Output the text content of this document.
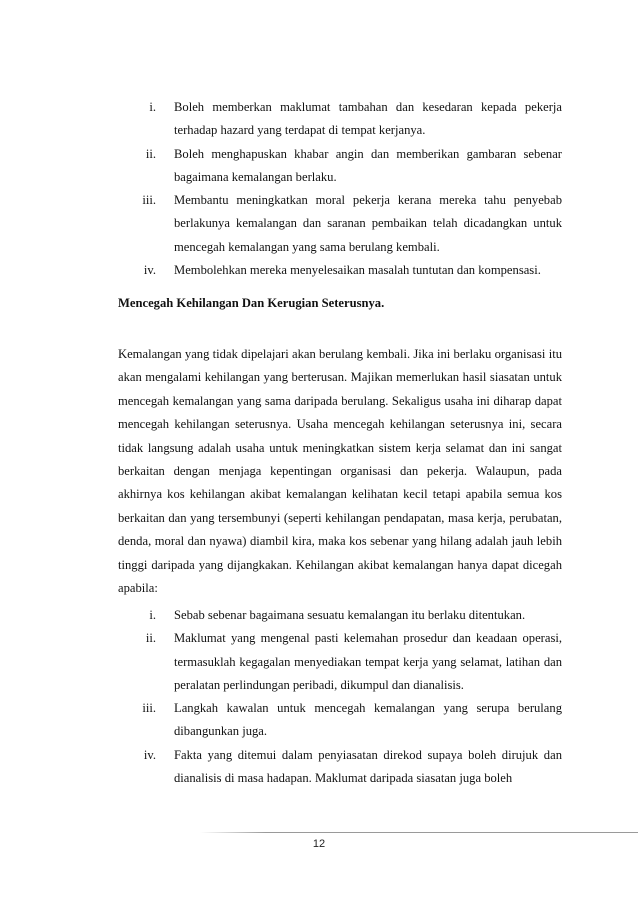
i. Boleh memberkan maklumat tambahan dan kesedaran kepada pekerja terhadap hazard yang terdapat di tempat kerjanya.
ii. Boleh menghapuskan khabar angin dan memberikan gambaran sebenar bagaimana kemalangan berlaku.
iii. Membantu meningkatkan moral pekerja kerana mereka tahu penyebab berlakunya kemalangan dan saranan pembaikan telah dicadangkan untuk mencegah kemalangan yang sama berulang kembali.
iv. Membolehkan mereka menyelesaikan masalah tuntutan dan kompensasi.
Mencegah Kehilangan Dan Kerugian Seterusnya.

Kemalangan yang tidak dipelajari akan berulang kembali. Jika ini berlaku organisasi itu akan mengalami kehilangan yang berterusan. Majikan memerlukan hasil siasatan untuk mencegah kemalangan yang sama daripada berulang. Sekaligus usaha ini diharap dapat mencegah kehilangan seterusnya. Usaha mencegah kehilangan seterusnya ini, secara tidak langsung adalah usaha untuk meningkatkan sistem kerja selamat dan ini sangat berkaitan dengan menjaga kepentingan organisasi dan pekerja. Walaupun, pada akhirnya kos kehilangan akibat kemalangan kelihatan kecil tetapi apabila semua kos berkaitan dan yang tersembunyi (seperti kehilangan pendapatan, masa kerja, perubatan, denda, moral dan nyawa) diambil kira, maka kos sebenar yang hilang adalah jauh lebih tinggi daripada yang dijangkakan. Kehilangan akibat kemalangan hanya dapat dicegah apabila:

i. Sebab sebenar bagaimana sesuatu kemalangan itu berlaku ditentukan.
ii. Maklumat yang mengenal pasti kelemahan prosedur dan keadaan operasi, termasuklah kegagalan menyediakan tempat kerja yang selamat, latihan dan peralatan perlindungan peribadi, dikumpul dan dianalisis.
iii. Langkah kawalan untuk mencegah kemalangan yang serupa berulang dibangunkan juga.
iv. Fakta yang ditemui dalam penyiasatan direkod supaya boleh dirujuk dan dianalisis di masa hadapan. Maklumat daripada siasatan juga boleh
12
